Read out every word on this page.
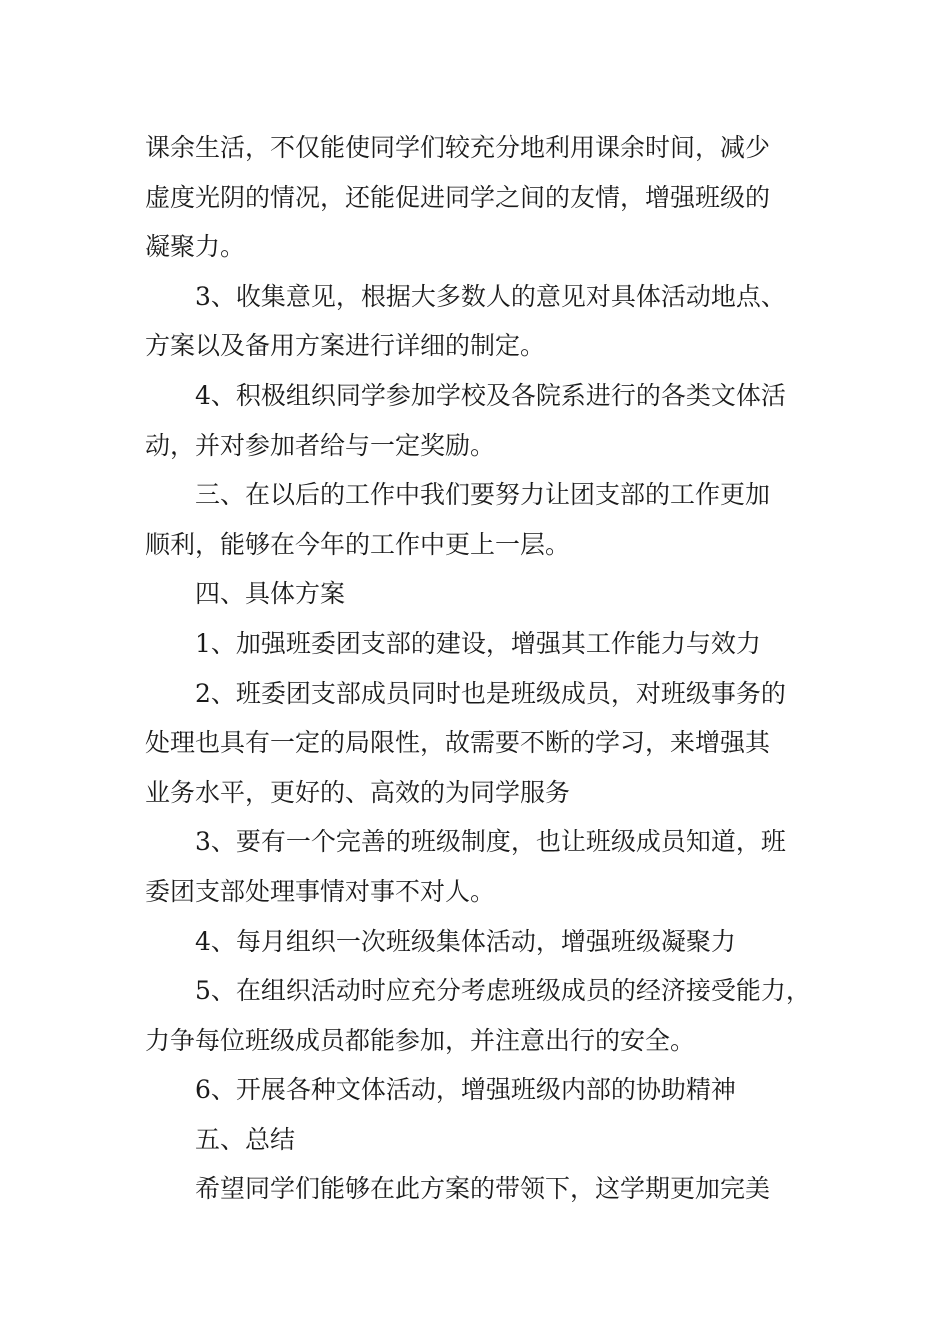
课余生活，不仅能使同学们较充分地利用课余时间，减少
虚度光阴的情况，还能促进同学之间的友情，增强班级的
凝聚力。

3、收集意见，根据大多数人的意见对具体活动地点、
方案以及备用方案进行详细的制定。

4、积极组织同学参加学校及各院系进行的各类文体活
动，并对参加者给与一定奖励。

三、在以后的工作中我们要努力让团支部的工作更加
顺利，能够在今年的工作中更上一层。

四、具体方案

1、加强班委团支部的建设，增强其工作能力与效力

2、班委团支部成员同时也是班级成员，对班级事务的
处理也具有一定的局限性，故需要不断的学习，来增强其
业务水平，更好的、高效的为同学服务

3、要有一个完善的班级制度，也让班级成员知道，班
委团支部处理事情对事不对人。

4、每月组织一次班级集体活动，增强班级凝聚力

5、在组织活动时应充分考虑班级成员的经济接受能力，
力争每位班级成员都能参加，并注意出行的安全。

6、开展各种文体活动，增强班级内部的协助精神

五、总结

希望同学们能够在此方案的带领下，这学期更加完美
